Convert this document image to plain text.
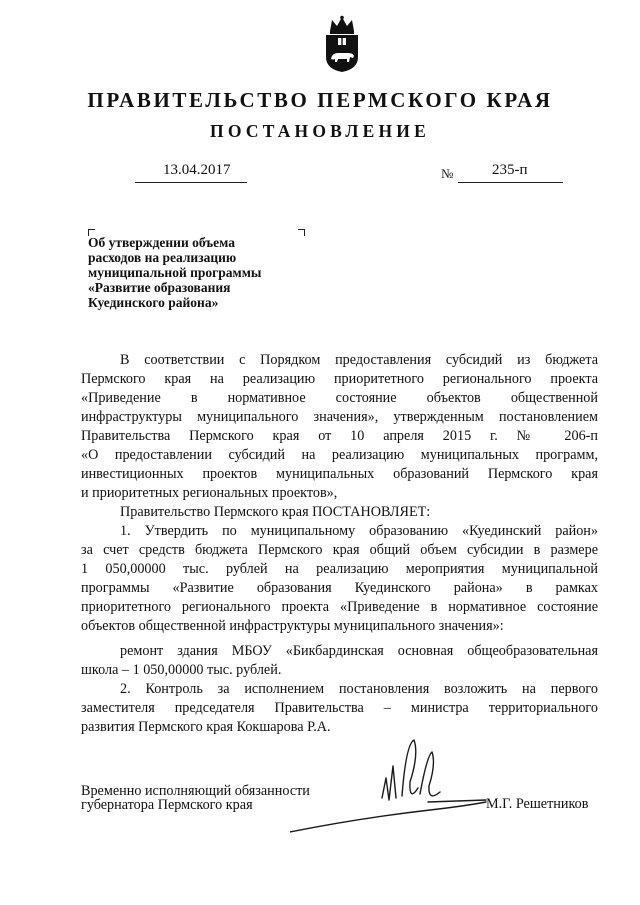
ПРАВИТЕЛЬСТВО ПЕРМСКОГО КРАЯ
ПОСТАНОВЛЕНИЕ
13.04.2017	№	235-п
Об утверждении объема
расходов на реализацию
муниципальной программы
«Развитие образования
Куединского района»
В соответствии с Порядком предоставления субсидий из бюджета
Пермского края на реализацию приоритетного регионального проекта
«Приведение в нормативное состояние объектов общественной
инфраструктуры муниципального значения», утвержденным постановлением
Правительства Пермского края от 10 апреля 2015 г. № 206-п
«О предоставлении субсидий на реализацию муниципальных программ,
инвестиционных проектов муниципальных образований Пермского края
и приоритетных региональных проектов»,
Правительство Пермского края ПОСТАНОВЛЯЕТ:
1. Утвердить по муниципальному образованию «Куединский район»
за счет средств бюджета Пермского края общий объем субсидии в размере
1 050,00000 тыс. рублей на реализацию мероприятия муниципальной
программы «Развитие образования Куединского района» в рамках
приоритетного регионального проекта «Приведение в нормативное состояние
объектов общественной инфраструктуры муниципального значения»:
ремонт здания МБОУ «Бикбардинская основная общеобразовательная
школа – 1 050,00000 тыс. рублей.
2. Контроль за исполнением постановления возложить на первого
заместителя председателя Правительства – министра территориального
развития Пермского края Кокшарова Р.А.
Временно исполняющий обязанности
губернатора Пермского края	М.Г. Решетников
